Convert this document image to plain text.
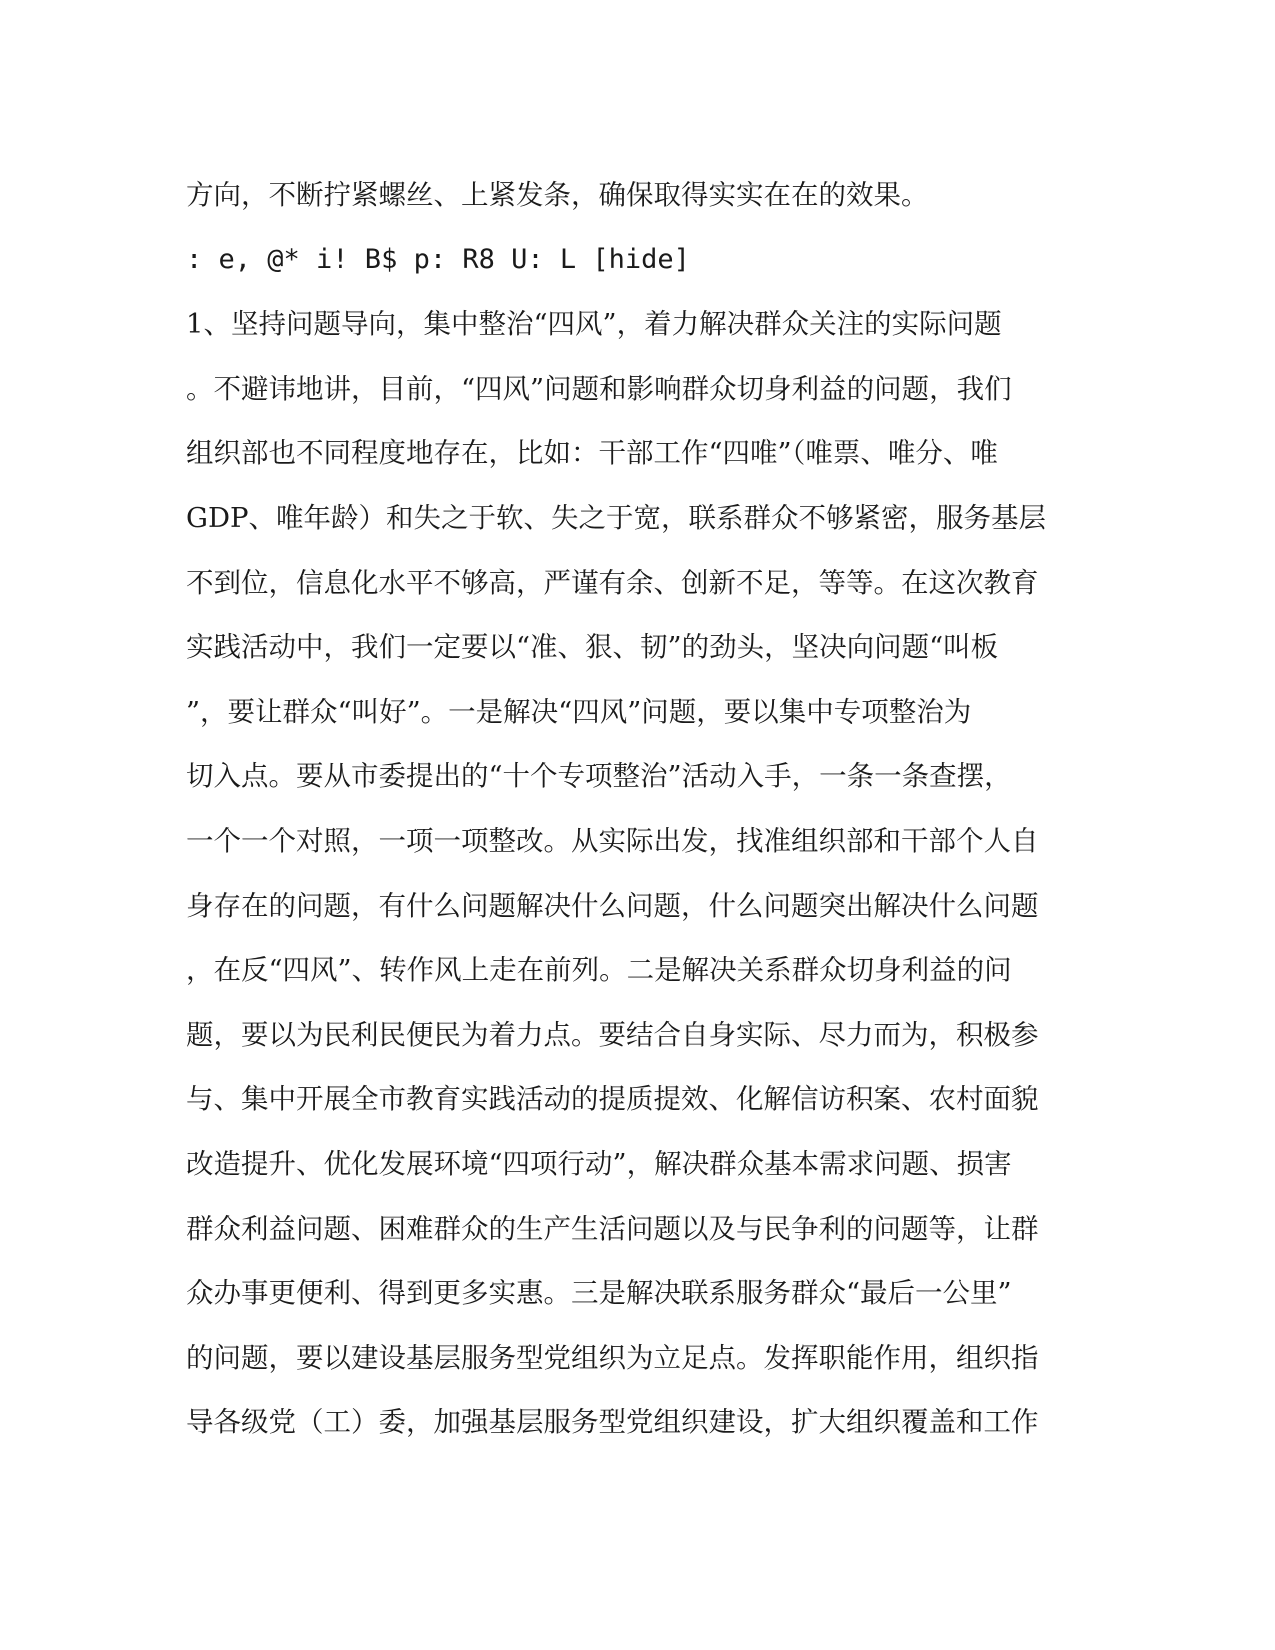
方向，不断拧紧螺丝、上紧发条，确保取得实实在在的效果。
: e, @* i! B$ p: R8 U: L [hide]
1、坚持问题导向，集中整治“四风”，着力解决群众关注的实际问题
。不避讳地讲，目前，“四风”问题和影响群众切身利益的问题，我们
组织部也不同程度地存在，比如：干部工作“四唯”（唯票、唯分、唯
GDP、唯年龄）和失之于软、失之于宽，联系群众不够紧密，服务基层
不到位，信息化水平不够高，严谨有余、创新不足，等等。在这次教育
实践活动中，我们一定要以“准、狠、韧”的劲头，坚决向问题“叫板
”，要让群众“叫好”。一是解决“四风”问题，要以集中专项整治为
切入点。要从市委提出的“十个专项整治”活动入手，一条一条查摆，
一个一个对照，一项一项整改。从实际出发，找准组织部和干部个人自
身存在的问题，有什么问题解决什么问题，什么问题突出解决什么问题
，在反“四风”、转作风上走在前列。二是解决关系群众切身利益的问
题，要以为民利民便民为着力点。要结合自身实际、尽力而为，积极参
与、集中开展全市教育实践活动的提质提效、化解信访积案、农村面貌
改造提升、优化发展环境“四项行动”，解决群众基本需求问题、损害
群众利益问题、困难群众的生产生活问题以及与民争利的问题等，让群
众办事更便利、得到更多实惠。三是解决联系服务群众“最后一公里”
的问题，要以建设基层服务型党组织为立足点。发挥职能作用，组织指
导各级党（工）委，加强基层服务型党组织建设，扩大组织覆盖和工作
